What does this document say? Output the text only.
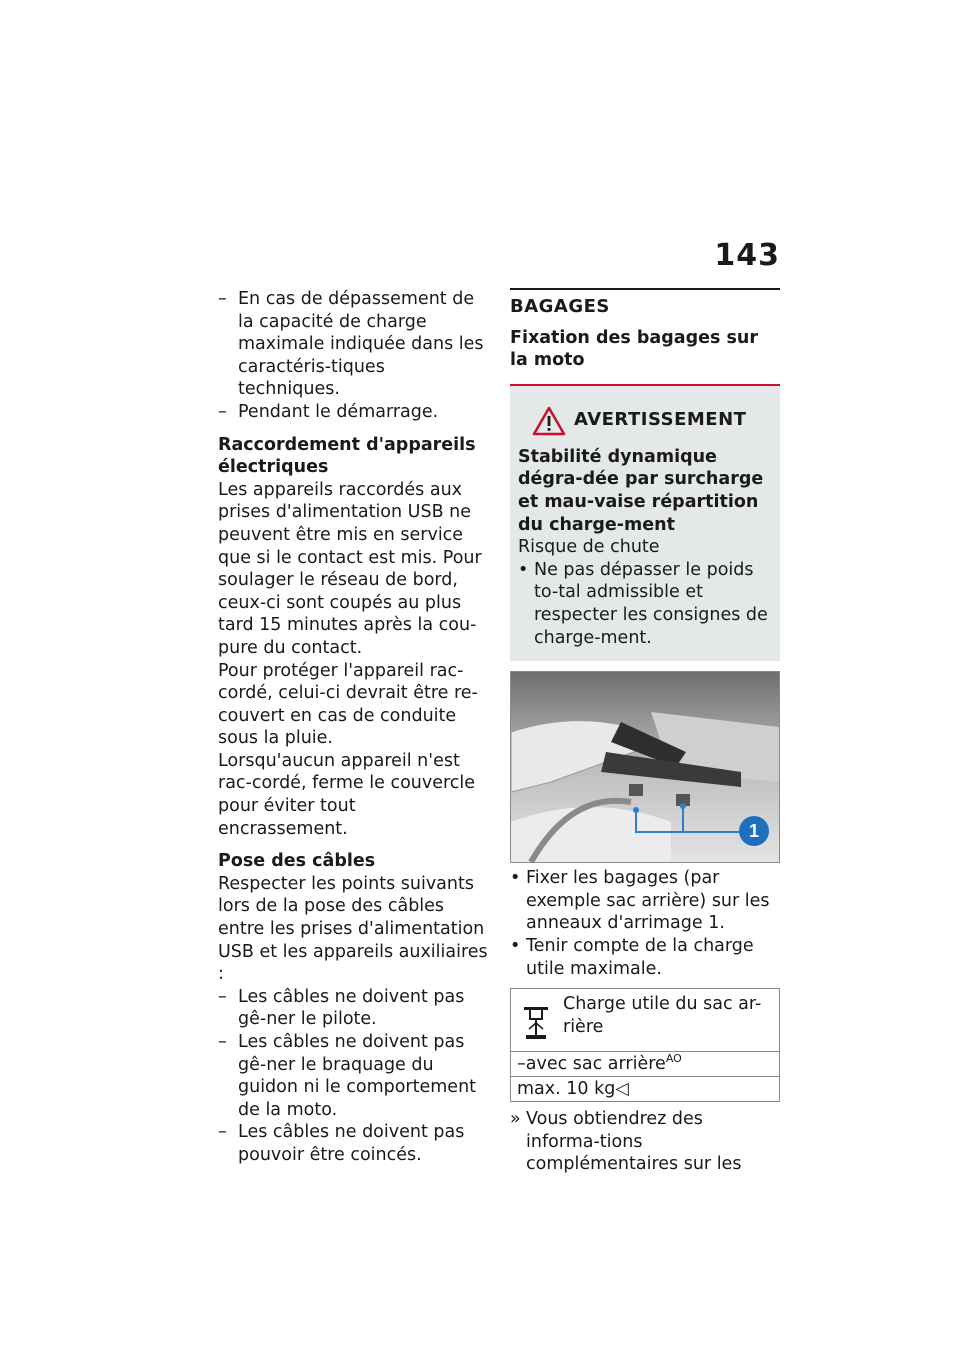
143
– En cas de dépassement de la capacité de charge maximale indiquée dans les caractéris-tiques techniques.
– Pendant le démarrage.
Raccordement d'appareils électriques

Les appareils raccordés aux prises d'alimentation USB ne peuvent être mis en service que si le contact est mis. Pour soulager le réseau de bord, ceux-ci sont coupés au plus tard 15 minutes après la cou-pure du contact.

Pour protéger l'appareil rac-cordé, celui-ci devrait être re-couvert en cas de conduite sous la pluie.

Lorsqu'aucun appareil n'est rac-cordé, ferme le couvercle pour éviter tout encrassement.

Pose des câbles

Respecter les points suivants lors de la pose des câbles entre les prises d'alimentation USB et les appareils auxiliaires :

– Les câbles ne doivent pas gê-ner le pilote.
– Les câbles ne doivent pas gê-ner le braquage du guidon ni le comportement de la moto.
– Les câbles ne doivent pas pouvoir être coincés.
BAGAGES
Fixation des bagages sur la moto
AVERTISSEMENT
Stabilité dynamique dégra-dée par surcharge et mau-vaise répartition du charge-ment
Risque de chute
• Ne pas dépasser le poids to-tal admissible et respecter les consignes de charge-ment.
1
• Fixer les bagages (par exemple sac arrière) sur les anneaux d'arrimage 1.
• Tenir compte de la charge utile maximale.
Charge utile du sac ar-rière
–avec sac arrière$^{AO}$
max. 10 kg◁
» Vous obtiendrez des informa-tions complémentaires sur les
